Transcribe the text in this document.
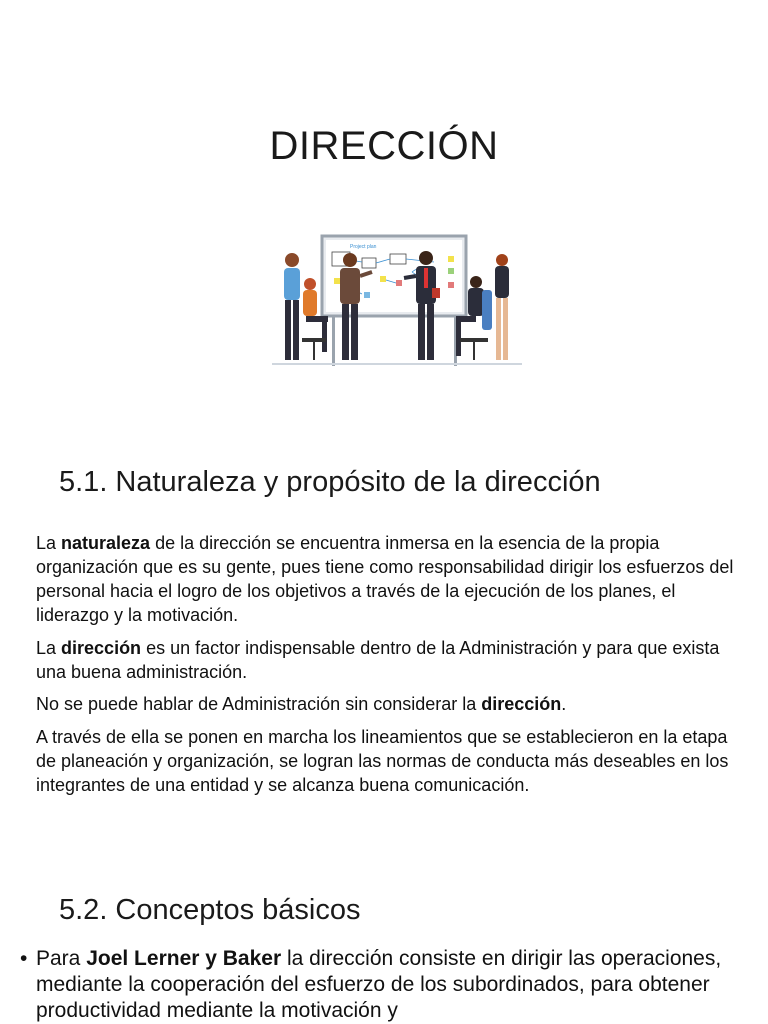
DIRECCIÓN
Project plan
5.1. Naturaleza y propósito de la dirección
La naturaleza de la dirección se encuentra inmersa en la esencia de la propia organización que es su gente, pues tiene como responsabilidad dirigir los esfuerzos del personal hacia el logro de los objetivos a través de la ejecución de los planes, el liderazgo y la motivación.
La dirección es un factor indispensable dentro de la Administración y para que exista una buena administración.
No se puede hablar de Administración sin considerar la dirección.
A través de ella se ponen en marcha los lineamientos que se establecieron en la etapa de planeación y organización, se logran las normas de conducta más deseables en los integrantes de una entidad y se alcanza buena comunicación.
5.2. Conceptos básicos
• Para Joel Lerner y Baker la dirección consiste en dirigir las operaciones, mediante la cooperación del esfuerzo de los subordinados, para obtener productividad mediante la motivación y
